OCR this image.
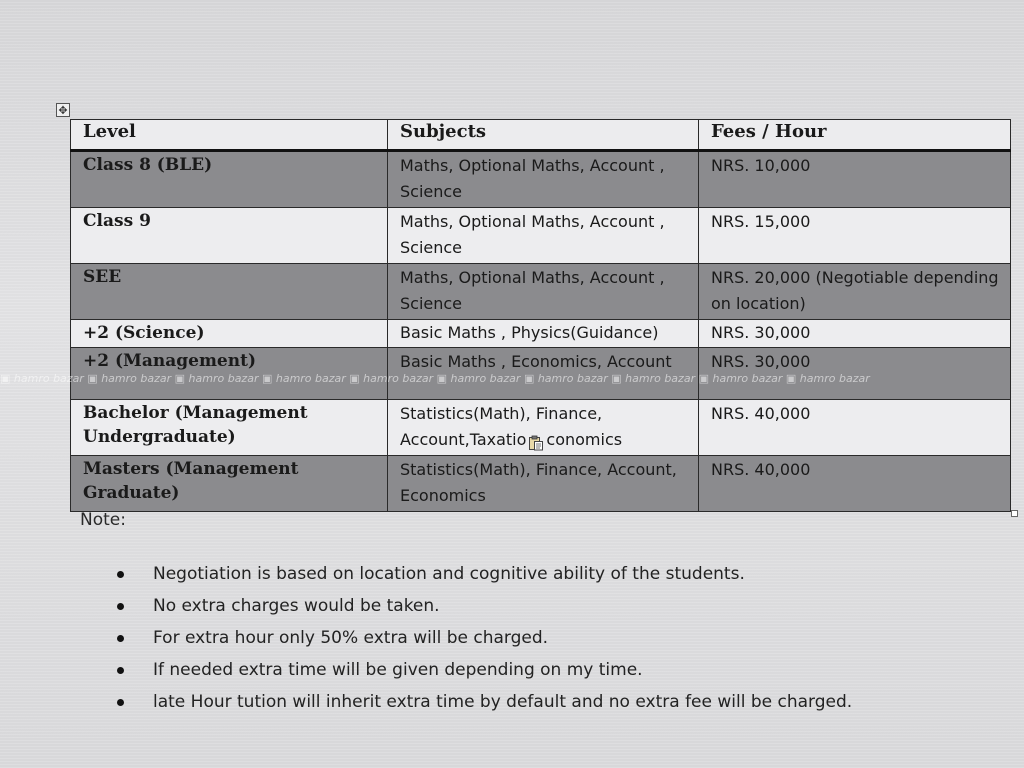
✥
Level	Subjects	Fees / Hour
Class 8 (BLE)	Maths, Optional Maths, Account , Science	NRS. 10,000
Class 9	Maths, Optional Maths, Account , Science	NRS. 15,000
SEE	Maths, Optional Maths, Account , Science	NRS. 20,000 (Negotiable depending on location)
+2 (Science)	Basic Maths , Physics(Guidance)	NRS. 30,000
+2 (Management)	Basic Maths , Economics, Account	NRS. 30,000
Bachelor (Management Undergraduate)	Statistics(Math), Finance, Account,Taxatio conomics	NRS. 40,000
Masters (Management Graduate)	Statistics(Math), Finance, Account, Economics	NRS. 40,000
▣ hamro bazar ▣ hamro bazar ▣ hamro bazar ▣ hamro bazar ▣ hamro bazar ▣ hamro bazar ▣ hamro bazar ▣ hamro bazar ▣ hamro bazar ▣ hamro bazar
Note:
Negotiation is based on location and cognitive ability of the students.
No extra charges would be taken.
For extra hour only 50% extra will be charged.
If needed extra time will be given depending on my time.
late Hour tution will inherit extra time by default and no extra fee will be charged.
